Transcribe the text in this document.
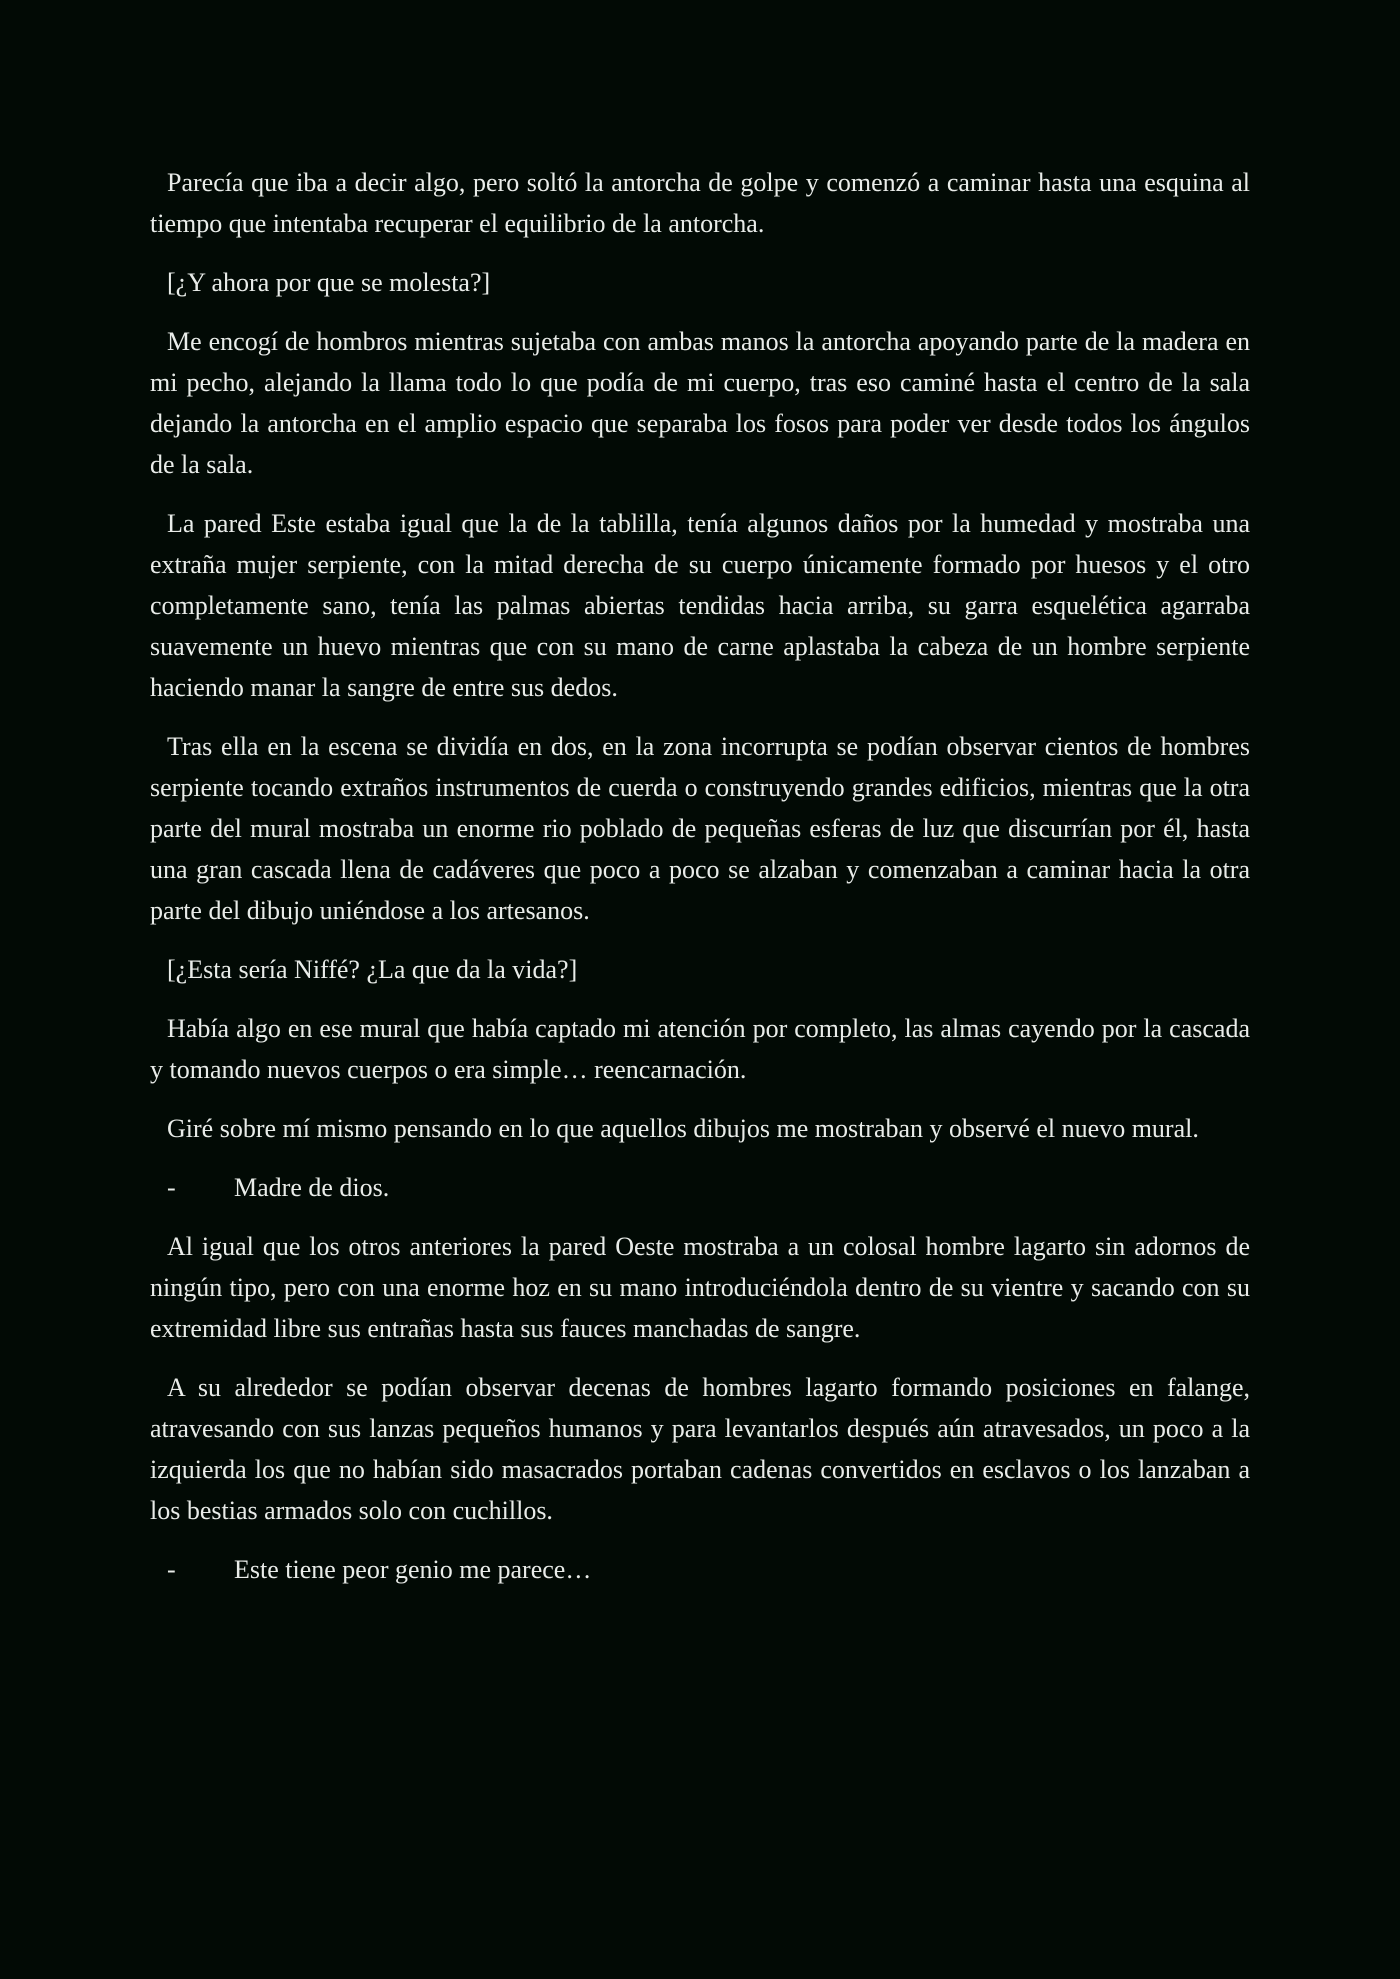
Parecía que iba a decir algo, pero soltó la antorcha de golpe y comenzó a caminar hasta una esquina al tiempo que intentaba recuperar el equilibrio de la antorcha.

[¿Y ahora por que se molesta?]

Me encogí de hombros mientras sujetaba con ambas manos la antorcha apoyando parte de la madera en mi pecho, alejando la llama todo lo que podía de mi cuerpo, tras eso caminé hasta el centro de la sala dejando la antorcha en el amplio espacio que separaba los fosos para poder ver desde todos los ángulos de la sala.

La pared Este estaba igual que la de la tablilla, tenía algunos daños por la humedad y mostraba una extraña mujer serpiente, con la mitad derecha de su cuerpo únicamente formado por huesos y el otro completamente sano, tenía las palmas abiertas tendidas hacia arriba, su garra esquelética agarraba suavemente un huevo mientras que con su mano de carne aplastaba la cabeza de un hombre serpiente haciendo manar la sangre de entre sus dedos.

Tras ella en la escena se dividía en dos, en la zona incorrupta se podían observar cientos de hombres serpiente tocando extraños instrumentos de cuerda o construyendo grandes edificios, mientras que la otra parte del mural mostraba un enorme rio poblado de pequeñas esferas de luz que discurrían por él, hasta una gran cascada llena de cadáveres que poco a poco se alzaban y comenzaban a caminar hacia la otra parte del dibujo uniéndose a los artesanos.

[¿Esta sería Niffé? ¿La que da la vida?]

Había algo en ese mural que había captado mi atención por completo, las almas cayendo por la cascada y tomando nuevos cuerpos o era simple… reencarnación.

Giré sobre mí mismo pensando en lo que aquellos dibujos me mostraban y observé el nuevo mural.

-	Madre de dios.

Al igual que los otros anteriores la pared Oeste mostraba a un colosal hombre lagarto sin adornos de ningún tipo, pero con una enorme hoz en su mano introduciéndola dentro de su vientre y sacando con su extremidad libre sus entrañas hasta sus fauces manchadas de sangre.

A su alrededor se podían observar decenas de hombres lagarto formando posiciones en falange, atravesando con sus lanzas pequeños humanos y para levantarlos después aún atravesados, un poco a la izquierda los que no habían sido masacrados portaban cadenas convertidos en esclavos o los lanzaban a los bestias armados solo con cuchillos.

-	Este tiene peor genio me parece…
